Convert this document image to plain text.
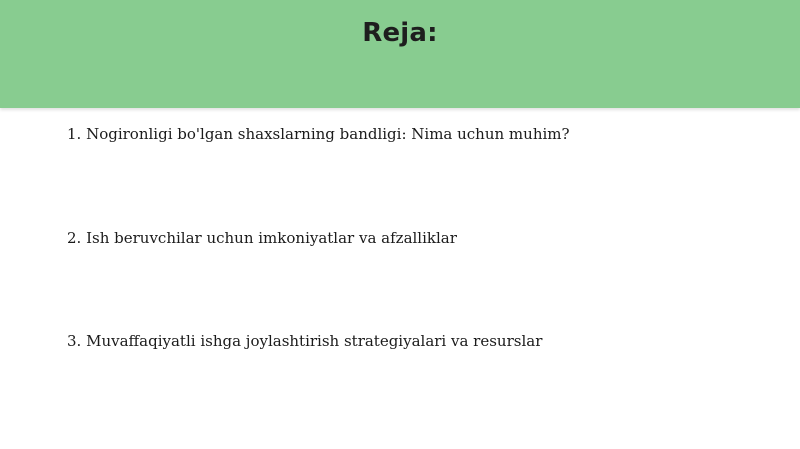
Reja:
1. Nogironligi bo'lgan shaxslarning bandligi: Nima uchun muhim?
2. Ish beruvchilar uchun imkoniyatlar va afzalliklar
3. Muvaffaqiyatli ishga joylashtirish strategiyalari va resurslar
